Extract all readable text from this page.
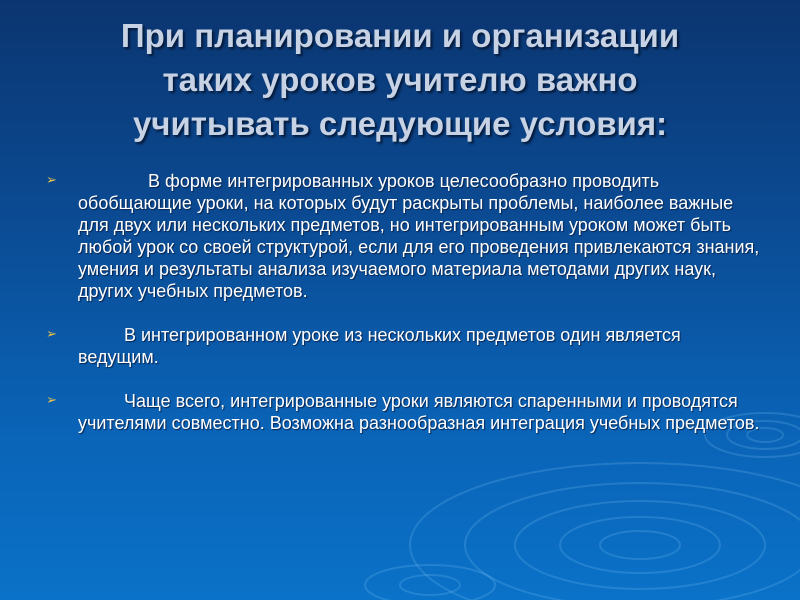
При планировании и организации
таких уроков учителю важно
учитывать следующие условия:
➢	В форме интегрированных уроков целесообразно проводить обобщающие уроки, на которых будут раскрыты проблемы, наиболее важные для двух или нескольких предметов, но интегрированным уроком может быть любой урок со своей структурой, если для его проведения привлекаются знания, умения и результаты анализа изучаемого материала методами других наук, других учебных предметов.
➢	В интегрированном уроке из нескольких предметов один является ведущим.
➢	Чаще всего, интегрированные уроки являются спаренными и проводятся учителями совместно. Возможна разнообразная интеграция учебных предметов.
